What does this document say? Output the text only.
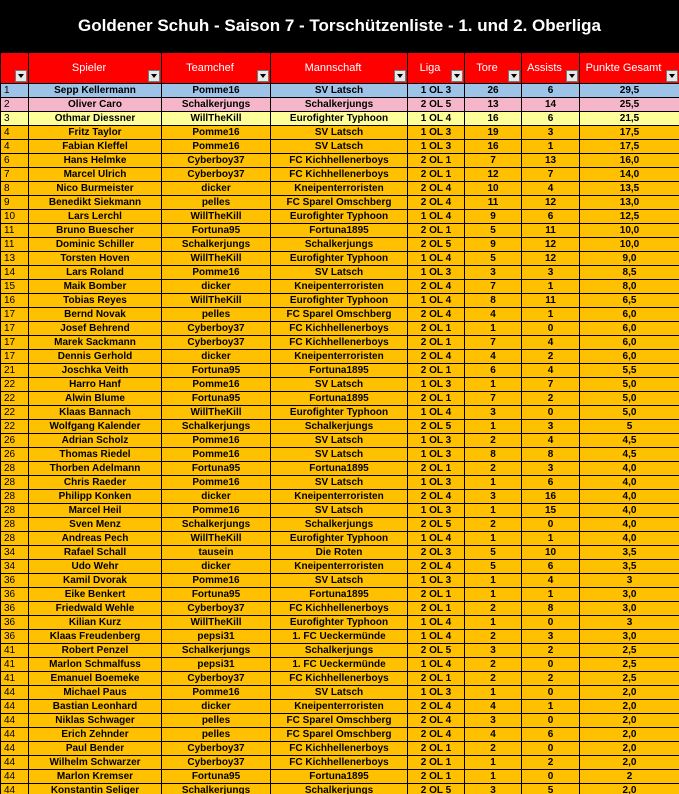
Goldener Schuh - Saison 7 - Torschützenliste - 1. und 2. Oberliga

	Spieler	Teamchef	Mannschaft	Liga	Tore	Assists	Punkte Gesamt

1	Sepp Kellermann	Pomme16	SV Latsch	1 OL 3	26	6	29,5
2	Oliver Caro	Schalkerjungs	Schalkerjungs	2 OL 5	13	14	25,5
3	Othmar Diessner	WillTheKill	Eurofighter Typhoon	1 OL 4	16	6	21,5
4	Fritz Taylor	Pomme16	SV Latsch	1 OL 3	19	3	17,5
4	Fabian Kleffel	Pomme16	SV Latsch	1 OL 3	16	1	17,5
6	Hans Helmke	Cyberboy37	FC Kichhellenerboys	2 OL 1	7	13	16,0
7	Marcel Ulrich	Cyberboy37	FC Kichhellenerboys	2 OL 1	12	7	14,0
8	Nico Burmeister	dicker	Kneipenterroristen	2 OL 4	10	4	13,5
9	Benedikt Siekmann	pelles	FC Sparel Omschberg	2 OL 4	11	12	13,0
10	Lars Lerchl	WillTheKill	Eurofighter Typhoon	1 OL 4	9	6	12,5
11	Bruno Buescher	Fortuna95	Fortuna1895	2 OL 1	5	11	10,0
11	Dominic Schiller	Schalkerjungs	Schalkerjungs	2 OL 5	9	12	10,0
13	Torsten Hoven	WillTheKill	Eurofighter Typhoon	1 OL 4	5	12	9,0
14	Lars Roland	Pomme16	SV Latsch	1 OL 3	3	3	8,5
15	Maik Bomber	dicker	Kneipenterroristen	2 OL 4	7	1	8,0
16	Tobias Reyes	WillTheKill	Eurofighter Typhoon	1 OL 4	8	11	6,5
17	Bernd Novak	pelles	FC Sparel Omschberg	2 OL 4	4	1	6,0
17	Josef Behrend	Cyberboy37	FC Kichhellenerboys	2 OL 1	1	0	6,0
17	Marek Sackmann	Cyberboy37	FC Kichhellenerboys	2 OL 1	7	4	6,0
17	Dennis Gerhold	dicker	Kneipenterroristen	2 OL 4	4	2	6,0
21	Joschka Veith	Fortuna95	Fortuna1895	2 OL 1	6	4	5,5
22	Harro Hanf	Pomme16	SV Latsch	1 OL 3	1	7	5,0
22	Alwin Blume	Fortuna95	Fortuna1895	2 OL 1	7	2	5,0
22	Klaas Bannach	WillTheKill	Eurofighter Typhoon	1 OL 4	3	0	5,0
22	Wolfgang Kalender	Schalkerjungs	Schalkerjungs	2 OL 5	1	3	5
26	Adrian Scholz	Pomme16	SV Latsch	1 OL 3	2	4	4,5
26	Thomas Riedel	Pomme16	SV Latsch	1 OL 3	8	8	4,5
28	Thorben Adelmann	Fortuna95	Fortuna1895	2 OL 1	2	3	4,0
28	Chris Raeder	Pomme16	SV Latsch	1 OL 3	1	6	4,0
28	Philipp Konken	dicker	Kneipenterroristen	2 OL 4	3	16	4,0
28	Marcel Heil	Pomme16	SV Latsch	1 OL 3	1	15	4,0
28	Sven Menz	Schalkerjungs	Schalkerjungs	2 OL 5	2	0	4,0
28	Andreas Pech	WillTheKill	Eurofighter Typhoon	1 OL 4	1	1	4,0
34	Rafael Schall	tausein	Die Roten	2 OL 3	5	10	3,5
34	Udo Wehr	dicker	Kneipenterroristen	2 OL 4	5	6	3,5
36	Kamil Dvorak	Pomme16	SV Latsch	1 OL 3	1	4	3
36	Eike Benkert	Fortuna95	Fortuna1895	2 OL 1	1	1	3,0
36	Friedwald Wehle	Cyberboy37	FC Kichhellenerboys	2 OL 1	2	8	3,0
36	Kilian Kurz	WillTheKill	Eurofighter Typhoon	1 OL 4	1	0	3
36	Klaas Freudenberg	pepsi31	1. FC Ueckermünde	1 OL 4	2	3	3,0
41	Robert Penzel	Schalkerjungs	Schalkerjungs	2 OL 5	3	2	2,5
41	Marlon Schmalfuss	pepsi31	1. FC Ueckermünde	1 OL 4	2	0	2,5
41	Emanuel Boemeke	Cyberboy37	FC Kichhellenerboys	2 OL 1	2	2	2,5
44	Michael Paus	Pomme16	SV Latsch	1 OL 3	1	0	2,0
44	Bastian Leonhard	dicker	Kneipenterroristen	2 OL 4	4	1	2,0
44	Niklas Schwager	pelles	FC Sparel Omschberg	2 OL 4	3	0	2,0
44	Erich Zehnder	pelles	FC Sparel Omschberg	2 OL 4	4	6	2,0
44	Paul Bender	Cyberboy37	FC Kichhellenerboys	2 OL 1	2	0	2,0
44	Wilhelm Schwarzer	Cyberboy37	FC Kichhellenerboys	2 OL 1	1	2	2,0
44	Marlon Kremser	Fortuna95	Fortuna1895	2 OL 1	1	0	2
44	Konstantin Seliger	Schalkerjungs	Schalkerjungs	2 OL 5	3	5	2,0
